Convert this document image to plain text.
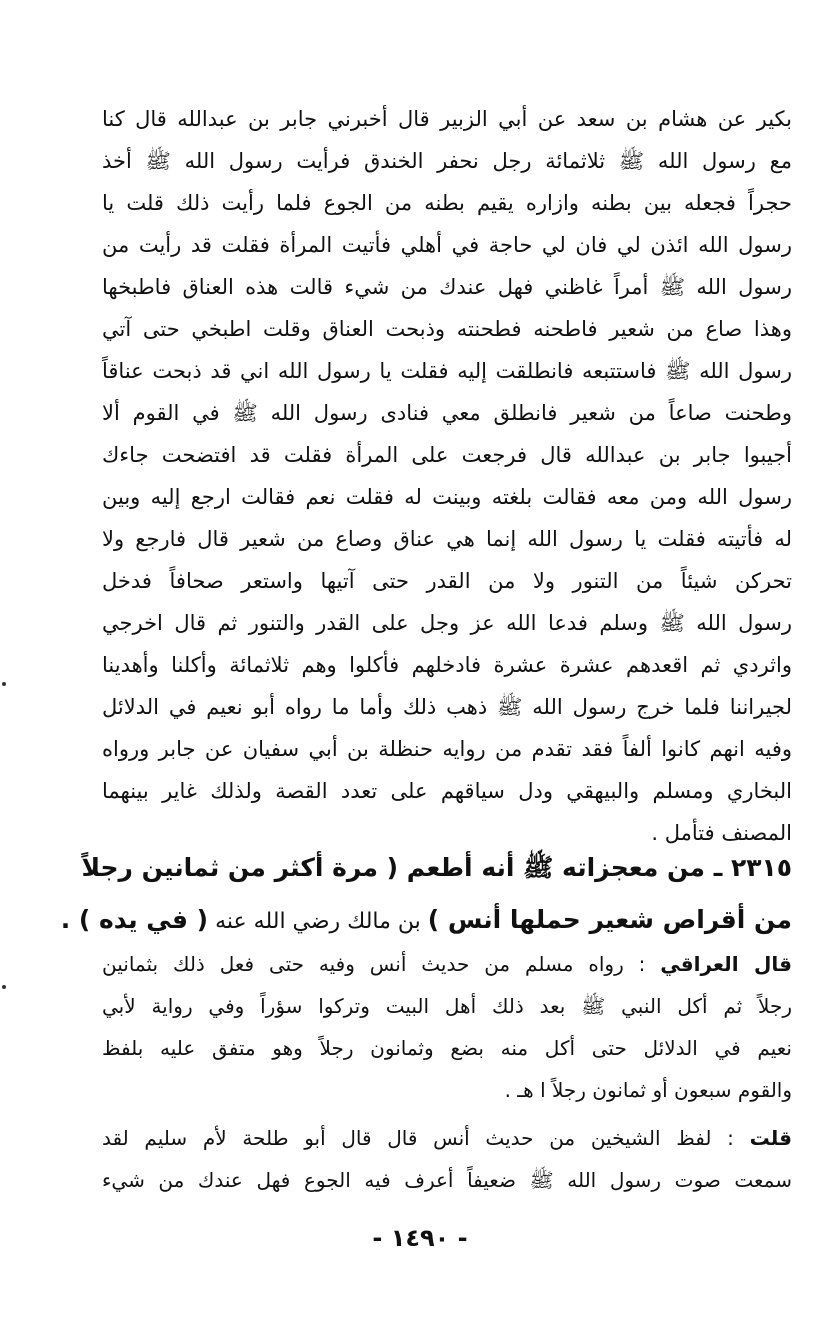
بكير عن هشام بن سعد عن أبي الزبير قال أخبرني جابر بن عبدالله قال كنا
مع رسول الله ﷺ ثلاثمائة رجل نحفر الخندق فرأيت رسول الله ﷺ أخذ
حجراً فجعله بين بطنه وازاره يقيم بطنه من الجوع فلما رأيت ذلك قلت يا
رسول الله ائذن لي فان لي حاجة في أهلي فأتيت المرأة فقلت قد رأيت من
رسول الله ﷺ أمراً غاظني فهل عندك من شيء قالت هذه العناق فاطبخها
وهذا صاع من شعير فاطحنه فطحنته وذبحت العناق وقلت اطبخي حتى آتي
رسول الله ﷺ فاستتبعه فانطلقت إليه فقلت يا رسول الله اني قد ذبحت عناقاً
وطحنت صاعاً من شعير فانطلق معي فنادى رسول الله ﷺ في القوم ألا
أجيبوا جابر بن عبدالله قال فرجعت على المرأة فقلت قد افتضحت جاءك
رسول الله ومن معه فقالت بلغته وبينت له فقلت نعم فقالت ارجع إليه وبين
له فأتيته فقلت يا رسول الله إنما هي عناق وصاع من شعير قال فارجع ولا
تحركن شيئاً من التنور ولا من القدر حتى آتيها واستعر صحافاً فدخل
رسول الله ﷺ وسلم فدعا الله عز وجل على القدر والتنور ثم قال اخرجي
واثردي ثم اقعدهم عشرة عشرة فادخلهم فأكلوا وهم ثلاثمائة وأكلنا وأهدينا
لجيراننا فلما خرج رسول الله ﷺ ذهب ذلك وأما ما رواه أبو نعيم في الدلائل
وفيه انهم كانوا ألفاً فقد تقدم من روايه حنظلة بن أبي سفيان عن جابر ورواه
البخاري ومسلم والبيهقي ودل سياقهم على تعدد القصة ولذلك غاير بينهما
المصنف فتأمل .
٢٣١٥ ـ من معجزاته ﷺ أنه أطعم ( مرة أكثر من ثمانين رجلاً
من أقراص شعير حملها أنس ) بن مالك رضي الله عنه ( في يده ) .
قال العراقي : رواه مسلم من حديث أنس وفيه حتى فعل ذلك بثمانين
رجلاً ثم أكل النبي ﷺ بعد ذلك أهل البيت وتركوا سؤراً وفي رواية لأبي
نعيم في الدلائل حتى أكل منه بضع وثمانون رجلاً وهو متفق عليه بلفظ
والقوم سبعون أو ثمانون رجلاً ا هـ .
قلت : لفظ الشيخين من حديث أنس قال قال أبو طلحة لأم سليم لقد
سمعت صوت رسول الله ﷺ ضعيفاً أعرف فيه الجوع فهل عندك من شيء
- ١٤٩٠ -
